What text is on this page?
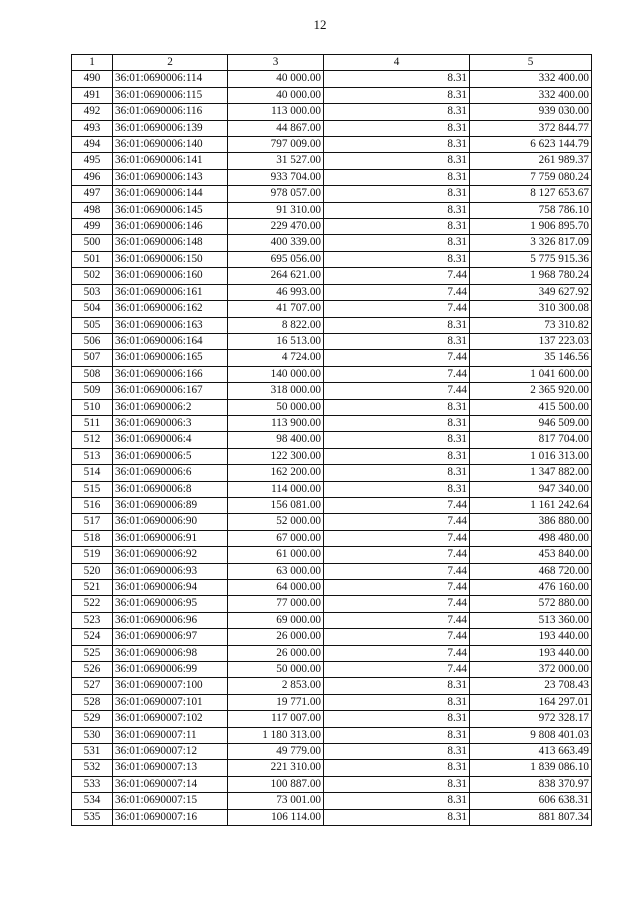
12
1	2	3	4	5
490	36:01:0690006:114	40 000.00	8.31	332 400.00
491	36:01:0690006:115	40 000.00	8.31	332 400.00
492	36:01:0690006:116	113 000.00	8.31	939 030.00
493	36:01:0690006:139	44 867.00	8.31	372 844.77
494	36:01:0690006:140	797 009.00	8.31	6 623 144.79
495	36:01:0690006:141	31 527.00	8.31	261 989.37
496	36:01:0690006:143	933 704.00	8.31	7 759 080.24
497	36:01:0690006:144	978 057.00	8.31	8 127 653.67
498	36:01:0690006:145	91 310.00	8.31	758 786.10
499	36:01:0690006:146	229 470.00	8.31	1 906 895.70
500	36:01:0690006:148	400 339.00	8.31	3 326 817.09
501	36:01:0690006:150	695 056.00	8.31	5 775 915.36
502	36:01:0690006:160	264 621.00	7.44	1 968 780.24
503	36:01:0690006:161	46 993.00	7.44	349 627.92
504	36:01:0690006:162	41 707.00	7.44	310 300.08
505	36:01:0690006:163	8 822.00	8.31	73 310.82
506	36:01:0690006:164	16 513.00	8.31	137 223.03
507	36:01:0690006:165	4 724.00	7.44	35 146.56
508	36:01:0690006:166	140 000.00	7.44	1 041 600.00
509	36:01:0690006:167	318 000.00	7.44	2 365 920.00
510	36:01:0690006:2	50 000.00	8.31	415 500.00
511	36:01:0690006:3	113 900.00	8.31	946 509.00
512	36:01:0690006:4	98 400.00	8.31	817 704.00
513	36:01:0690006:5	122 300.00	8.31	1 016 313.00
514	36:01:0690006:6	162 200.00	8.31	1 347 882.00
515	36:01:0690006:8	114 000.00	8.31	947 340.00
516	36:01:0690006:89	156 081.00	7.44	1 161 242.64
517	36:01:0690006:90	52 000.00	7.44	386 880.00
518	36:01:0690006:91	67 000.00	7.44	498 480.00
519	36:01:0690006:92	61 000.00	7.44	453 840.00
520	36:01:0690006:93	63 000.00	7.44	468 720.00
521	36:01:0690006:94	64 000.00	7.44	476 160.00
522	36:01:0690006:95	77 000.00	7.44	572 880.00
523	36:01:0690006:96	69 000.00	7.44	513 360.00
524	36:01:0690006:97	26 000.00	7.44	193 440.00
525	36:01:0690006:98	26 000.00	7.44	193 440.00
526	36:01:0690006:99	50 000.00	7.44	372 000.00
527	36:01:0690007:100	2 853.00	8.31	23 708.43
528	36:01:0690007:101	19 771.00	8.31	164 297.01
529	36:01:0690007:102	117 007.00	8.31	972 328.17
530	36:01:0690007:11	1 180 313.00	8.31	9 808 401.03
531	36:01:0690007:12	49 779.00	8.31	413 663.49
532	36:01:0690007:13	221 310.00	8.31	1 839 086.10
533	36:01:0690007:14	100 887.00	8.31	838 370.97
534	36:01:0690007:15	73 001.00	8.31	606 638.31
535	36:01:0690007:16	106 114.00	8.31	881 807.34
